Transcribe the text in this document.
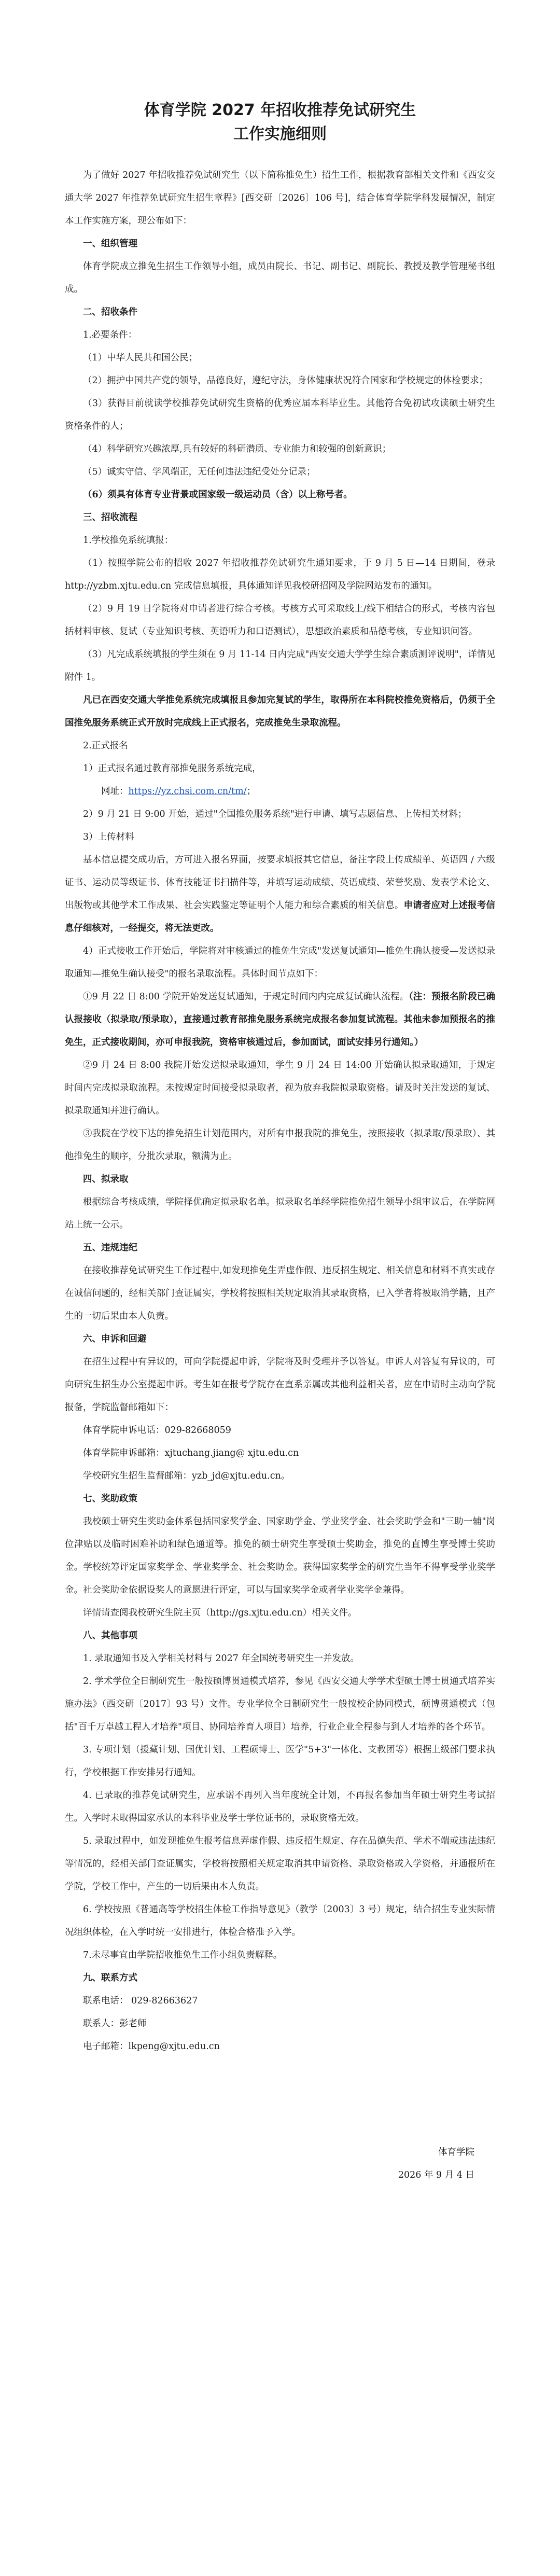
体育学院 2027 年招收推荐免试研究生
工作实施细则

为了做好 2027 年招收推荐免试研究生（以下简称推免生）招生工作，根据教育部相关文件和《西安交通大学 2027 年推荐免试研究生招生章程》[西交研〔2026〕106 号]，结合体育学院学科发展情况，制定本工作实施方案，现公布如下：

一、组织管理

体育学院成立推免生招生工作领导小组，成员由院长、书记、副书记、副院长、教授及教学管理秘书组成。

二、招收条件

1.必要条件：

（1）中华人民共和国公民；

（2）拥护中国共产党的领导，品德良好，遵纪守法，身体健康状况符合国家和学校规定的体检要求；

（3）获得目前就读学校推荐免试研究生资格的优秀应届本科毕业生。其他符合免初试攻读硕士研究生资格条件的人；

（4）科学研究兴趣浓厚,具有较好的科研潜质、专业能力和较强的创新意识；

（5）诚实守信、学风端正，无任何违法违纪受处分记录；

（6）须具有体育专业背景或国家级一级运动员（含）以上称号者。

三、招收流程

1.学校推免系统填报：

（1）按照学院公布的招收 2027 年招收推荐免试研究生通知要求，于 9 月 5 日—14 日期间，登录 http://yzbm.xjtu.edu.cn 完成信息填报，具体通知详见我校研招网及学院网站发布的通知。

（2）9 月 19 日学院将对申请者进行综合考核。考核方式可采取线上/线下相结合的形式，考核内容包括材料审核、复试（专业知识考核、英语听力和口语测试），思想政治素质和品德考核，专业知识问答。

（3）凡完成系统填报的学生须在 9 月 11-14 日内完成"西安交通大学学生综合素质测评说明"，详情见附件 1。

凡已在西安交通大学推免系统完成填报且参加完复试的学生，取得所在本科院校推免资格后，仍须于全国推免服务系统正式开放时完成线上正式报名，完成推免生录取流程。

2.正式报名

1）正式报名通过教育部推免服务系统完成，

网址：https://yz.chsi.com.cn/tm/；

2）9 月 21 日 9:00 开始，通过"全国推免服务系统"进行申请、填写志愿信息、上传相关材料；

3）上传材料

基本信息提交成功后，方可进入报名界面，按要求填报其它信息，备注字段上传成绩单、英语四 / 六级证书、运动员等级证书、体育技能证书扫描件等，并填写运动成绩、英语成绩、荣誉奖励、发表学术论文、出版物或其他学术工作成果、社会实践鉴定等证明个人能力和综合素质的相关信息。申请者应对上述报考信息仔细核对，一经提交，将无法更改。

4）正式接收工作开始后，学院将对审核通过的推免生完成"发送复试通知—推免生确认接受—发送拟录取通知—推免生确认接受"的报名录取流程。具体时间节点如下：

①9 月 22 日 8:00 学院开始发送复试通知，于规定时间内内完成复试确认流程。（注：预报名阶段已确认报接收（拟录取/预录取），直接通过教育部推免服务系统完成报名参加复试流程。其他未参加预报名的推免生，正式接收期间，亦可申报我院，资格审核通过后，参加面试，面试安排另行通知。）

②9 月 24 日 8:00 我院开始发送拟录取通知，学生 9 月 24 日 14:00 开始确认拟录取通知，于规定时间内完成拟录取流程。未按规定时间接受拟录取者，视为放弃我院拟录取资格。请及时关注发送的复试、拟录取通知并进行确认。

③我院在学校下达的推免招生计划范围内，对所有申报我院的推免生，按照接收（拟录取/预录取）、其他推免生的顺序，分批次录取，额满为止。

四、拟录取

根据综合考核成绩，学院择优确定拟录取名单。拟录取名单经学院推免招生领导小组审议后，在学院网站上统一公示。

五、违规违纪

在接收推荐免试研究生工作过程中,如发现推免生弄虚作假、违反招生规定、相关信息和材料不真实或存在诚信问题的，经相关部门查证属实，学校将按照相关规定取消其录取资格，已入学者将被取消学籍，且产生的一切后果由本人负责。

六、申诉和回避

在招生过程中有异议的，可向学院提起申诉，学院将及时受理并予以答复。申诉人对答复有异议的，可向研究生招生办公室提起申诉。考生如在报考学院存在直系亲属或其他利益相关者，应在申请时主动向学院报备，学院监督邮箱如下：

体育学院申诉电话：029-82668059

体育学院申诉邮箱：xjtuchang.jiang@ xjtu.edu.cn

学校研究生招生监督邮箱：yzb_jd@xjtu.edu.cn。

七、奖助政策

我校硕士研究生奖助金体系包括国家奖学金、国家助学金、学业奖学金、社会奖助学金和"三助一辅"岗位津贴以及临时困难补助和绿色通道等。推免的硕士研究生享受硕士奖助金，推免的直博生享受博士奖助金。学校统筹评定国家奖学金、学业奖学金、社会奖助金。获得国家奖学金的研究生当年不得享受学业奖学金。社会奖助金依据设奖人的意愿进行评定，可以与国家奖学金或者学业奖学金兼得。

详情请查阅我校研究生院主页（http://gs.xjtu.edu.cn）相关文件。

八、其他事项

1. 录取通知书及入学相关材料与 2027 年全国统考研究生一并发放。

2. 学术学位全日制研究生一般按硕博贯通模式培养，参见《西安交通大学学术型硕士博士贯通式培养实施办法》（西交研〔2017〕93 号）文件。专业学位全日制研究生一般按校企协同模式，硕博贯通模式（包括"百千万卓越工程人才培养"项目、协同培养育人项目）培养，行业企业全程参与到人才培养的各个环节。

3. 专项计划（援藏计划、国优计划、工程硕博士、医学"5+3"一体化、支教团等）根据上级部门要求执行，学校根据工作安排另行通知。

4. 已录取的推荐免试研究生，应承诺不再列入当年度统全计划，不再报名参加当年硕士研究生考试招生。入学时未取得国家承认的本科毕业及学士学位证书的，录取资格无效。

5. 录取过程中，如发现推免生报考信息弄虚作假、违反招生规定、存在品德失范、学术不端或违法违纪等情况的，经相关部门查证属实，学校将按照相关规定取消其申请资格、录取资格或入学资格，并通报所在学院，学校工作中，产生的一切后果由本人负责。

6. 学校按照《普通高等学校招生体检工作指导意见》（教学〔2003〕3 号）规定，结合招生专业实际情况组织体检，在入学时统一安排进行，体检合格准予入学。

7.未尽事宜由学院招收推免生工作小组负责解释。

九、联系方式

联系电话： 029-82663627

联系人：彭老师

电子邮箱：lkpeng@xjtu.edu.cn

体育学院

2026 年 9 月 4 日
